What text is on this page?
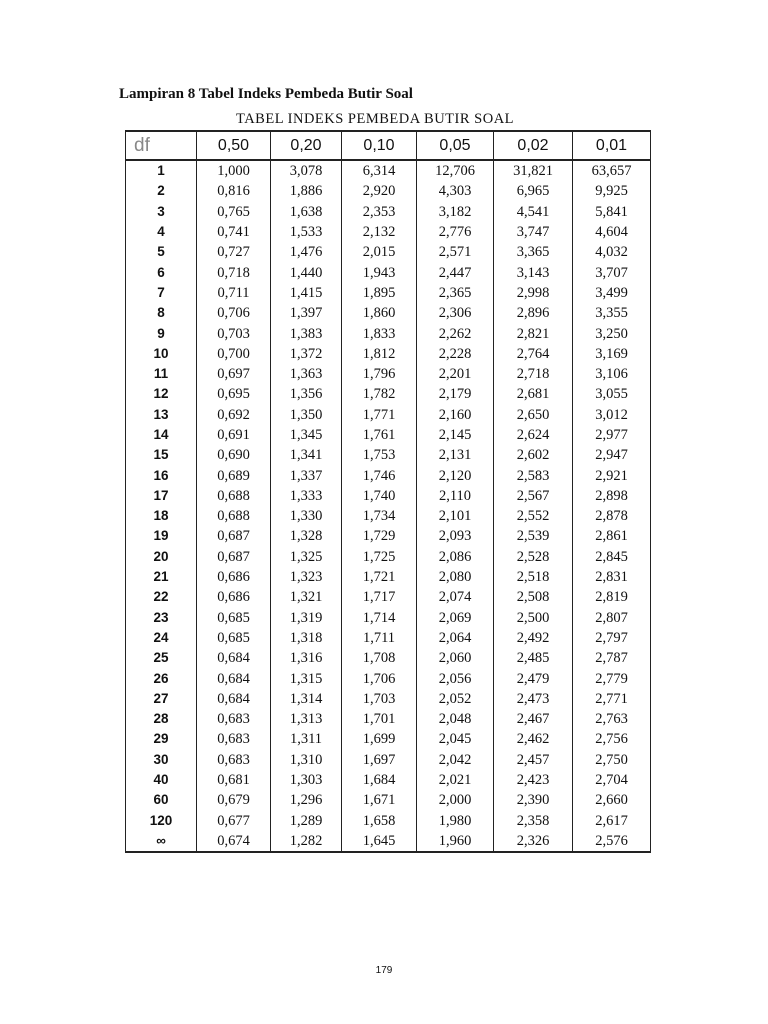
Lampiran 8 Tabel Indeks Pembeda Butir Soal
TABEL INDEKS PEMBEDA BUTIR SOAL
df	0,50	0,20	0,10	0,05	0,02	0,01
1	1,000	3,078	6,314	12,706	31,821	63,657
2	0,816	1,886	2,920	4,303	6,965	9,925
3	0,765	1,638	2,353	3,182	4,541	5,841
4	0,741	1,533	2,132	2,776	3,747	4,604
5	0,727	1,476	2,015	2,571	3,365	4,032
6	0,718	1,440	1,943	2,447	3,143	3,707
7	0,711	1,415	1,895	2,365	2,998	3,499
8	0,706	1,397	1,860	2,306	2,896	3,355
9	0,703	1,383	1,833	2,262	2,821	3,250
10	0,700	1,372	1,812	2,228	2,764	3,169
11	0,697	1,363	1,796	2,201	2,718	3,106
12	0,695	1,356	1,782	2,179	2,681	3,055
13	0,692	1,350	1,771	2,160	2,650	3,012
14	0,691	1,345	1,761	2,145	2,624	2,977
15	0,690	1,341	1,753	2,131	2,602	2,947
16	0,689	1,337	1,746	2,120	2,583	2,921
17	0,688	1,333	1,740	2,110	2,567	2,898
18	0,688	1,330	1,734	2,101	2,552	2,878
19	0,687	1,328	1,729	2,093	2,539	2,861
20	0,687	1,325	1,725	2,086	2,528	2,845
21	0,686	1,323	1,721	2,080	2,518	2,831
22	0,686	1,321	1,717	2,074	2,508	2,819
23	0,685	1,319	1,714	2,069	2,500	2,807
24	0,685	1,318	1,711	2,064	2,492	2,797
25	0,684	1,316	1,708	2,060	2,485	2,787
26	0,684	1,315	1,706	2,056	2,479	2,779
27	0,684	1,314	1,703	2,052	2,473	2,771
28	0,683	1,313	1,701	2,048	2,467	2,763
29	0,683	1,311	1,699	2,045	2,462	2,756
30	0,683	1,310	1,697	2,042	2,457	2,750
40	0,681	1,303	1,684	2,021	2,423	2,704
60	0,679	1,296	1,671	2,000	2,390	2,660
120	0,677	1,289	1,658	1,980	2,358	2,617
∞	0,674	1,282	1,645	1,960	2,326	2,576
179
